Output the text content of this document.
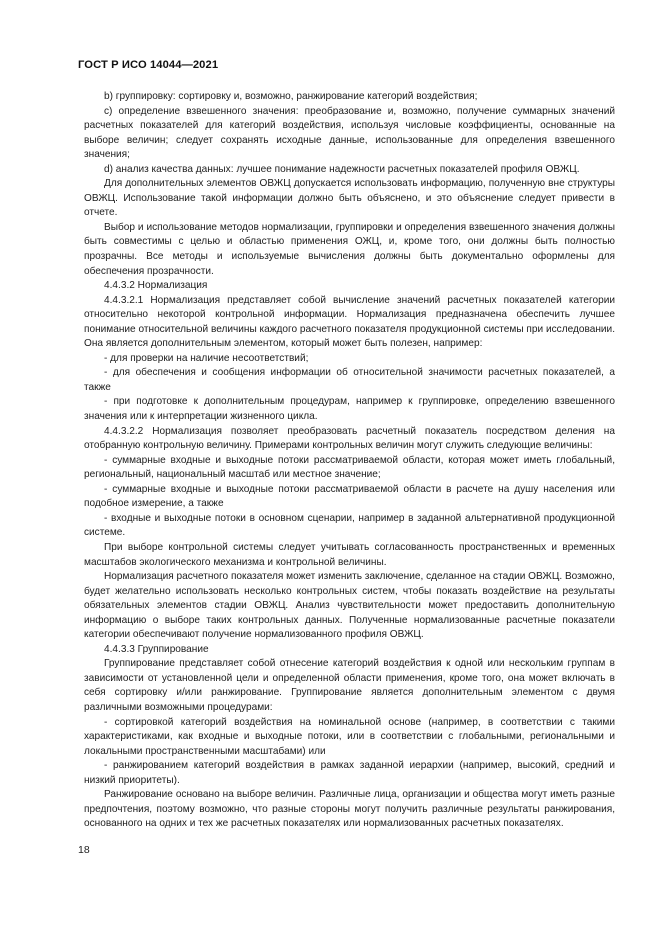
ГОСТ Р ИСО 14044—2021

b) группировку: сортировку и, возможно, ранжирование категорий воздействия;

c) определение взвешенного значения: преобразование и, возможно, получение суммарных значений расчетных показателей для категорий воздействия, используя числовые коэффициенты, основанные на выборе величин; следует сохранять исходные данные, использованные для определения взвешенного значения;

d) анализ качества данных: лучшее понимание надежности расчетных показателей профиля ОВЖЦ.

Для дополнительных элементов ОВЖЦ допускается использовать информацию, полученную вне структуры ОВЖЦ. Использование такой информации должно быть объяснено, и это объяснение следует привести в отчете.

Выбор и использование методов нормализации, группировки и определения взвешенного значения должны быть совместимы с целью и областью применения ОЖЦ, и, кроме того, они должны быть полностью прозрачны. Все методы и используемые вычисления должны быть документально оформлены для обеспечения прозрачности.

4.4.3.2 Нормализация

4.4.3.2.1 Нормализация представляет собой вычисление значений расчетных показателей категории относительно некоторой контрольной информации. Нормализация предназначена обеспечить лучшее понимание относительной величины каждого расчетного показателя продукционной системы при исследовании. Она является дополнительным элементом, который может быть полезен, например:

- для проверки на наличие несоответствий;

- для обеспечения и сообщения информации об относительной значимости расчетных показателей, а также

- при подготовке к дополнительным процедурам, например к группировке, определению взвешенного значения или к интерпретации жизненного цикла.

4.4.3.2.2 Нормализация позволяет преобразовать расчетный показатель посредством деления на отобранную контрольную величину. Примерами контрольных величин могут служить следующие величины:

- суммарные входные и выходные потоки рассматриваемой области, которая может иметь глобальный, региональный, национальный масштаб или местное значение;

- суммарные входные и выходные потоки рассматриваемой области в расчете на душу населения или подобное измерение, а также

- входные и выходные потоки в основном сценарии, например в заданной альтернативной продукционной системе.

При выборе контрольной системы следует учитывать согласованность пространственных и временных масштабов экологического механизма и контрольной величины.

Нормализация расчетного показателя может изменить заключение, сделанное на стадии ОВЖЦ. Возможно, будет желательно использовать несколько контрольных систем, чтобы показать воздействие на результаты обязательных элементов стадии ОВЖЦ. Анализ чувствительности может предоставить дополнительную информацию о выборе таких контрольных данных. Полученные нормализованные расчетные показатели категории обеспечивают получение нормализованного профиля ОВЖЦ.

4.4.3.3 Группирование

Группирование представляет собой отнесение категорий воздействия к одной или нескольким группам в зависимости от установленной цели и определенной области применения, кроме того, она может включать в себя сортировку и/или ранжирование. Группирование является дополнительным элементом с двумя различными возможными процедурами:

- сортировкой категорий воздействия на номинальной основе (например, в соответствии с такими характеристиками, как входные и выходные потоки, или в соответствии с глобальными, региональными и локальными пространственными масштабами) или

- ранжированием категорий воздействия в рамках заданной иерархии (например, высокий, средний и низкий приоритеты).

Ранжирование основано на выборе величин. Различные лица, организации и общества могут иметь разные предпочтения, поэтому возможно, что разные стороны могут получить различные результаты ранжирования, основанного на одних и тех же расчетных показателях или нормализованных расчетных показателях.

18
